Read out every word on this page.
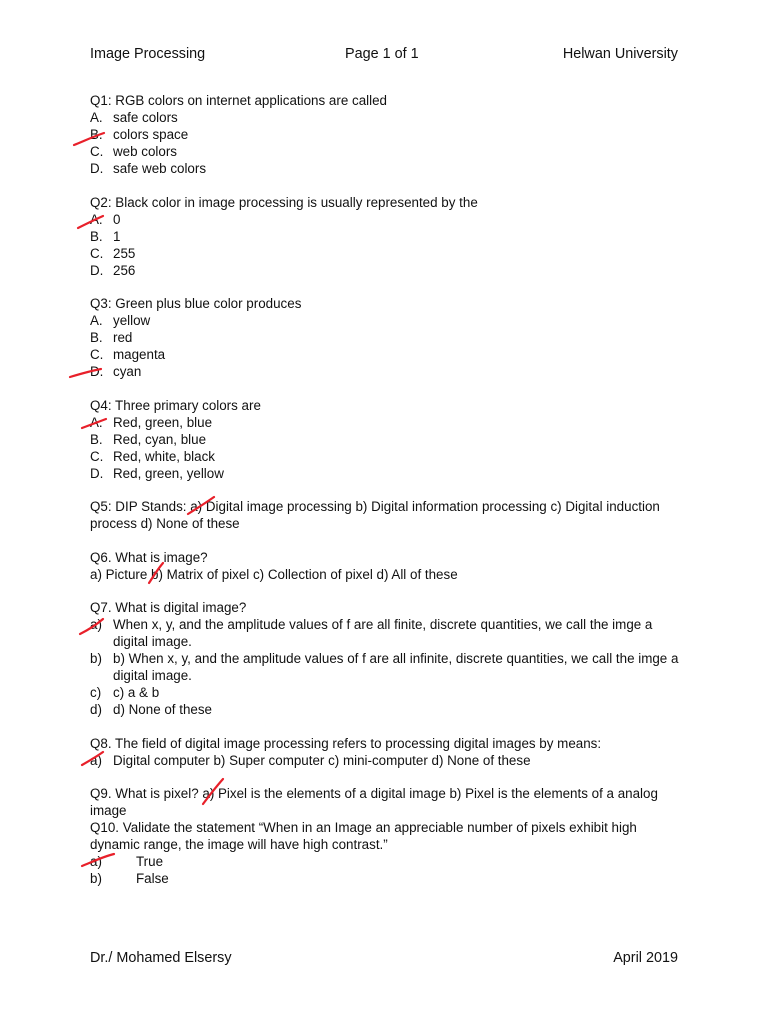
Image Processing	Page 1 of 1	Helwan University
Q1: RGB colors on internet applications are called
A. safe colors
B. colors space
C. web colors
D. safe web colors
Q2: Black color in image processing is usually represented by the
A. 0
B. 1
C. 255
D. 256
Q3: Green plus blue color produces
A. yellow
B. red
C. magenta
D. cyan
Q4: Three primary colors are
A. Red, green, blue
B. Red, cyan, blue
C. Red, white, black
D. Red, green, yellow
Q5: DIP Stands: a) Digital image processing b) Digital information processing c) Digital induction process d) None of these
Q6. What is image?
a) Picture b) Matrix of pixel c) Collection of pixel d) All of these
Q7. What is digital image?
a) When x, y, and the amplitude values of f are all finite, discrete quantities, we call the imge a digital image.
b) b) When x, y, and the amplitude values of f are all infinite, discrete quantities, we call the imge a digital image.
c) c) a & b
d) d) None of these
Q8. The field of digital image processing refers to processing digital images by means:
a) Digital computer b) Super computer c) mini-computer d) None of these
Q9. What is pixel? a) Pixel is the elements of a digital image b) Pixel is the elements of a analog image
Q10. Validate the statement “When in an Image an appreciable number of pixels exhibit high dynamic range, the image will have high contrast.”
a)	True
b)	False
Dr./ Mohamed Elsersy	April 2019
